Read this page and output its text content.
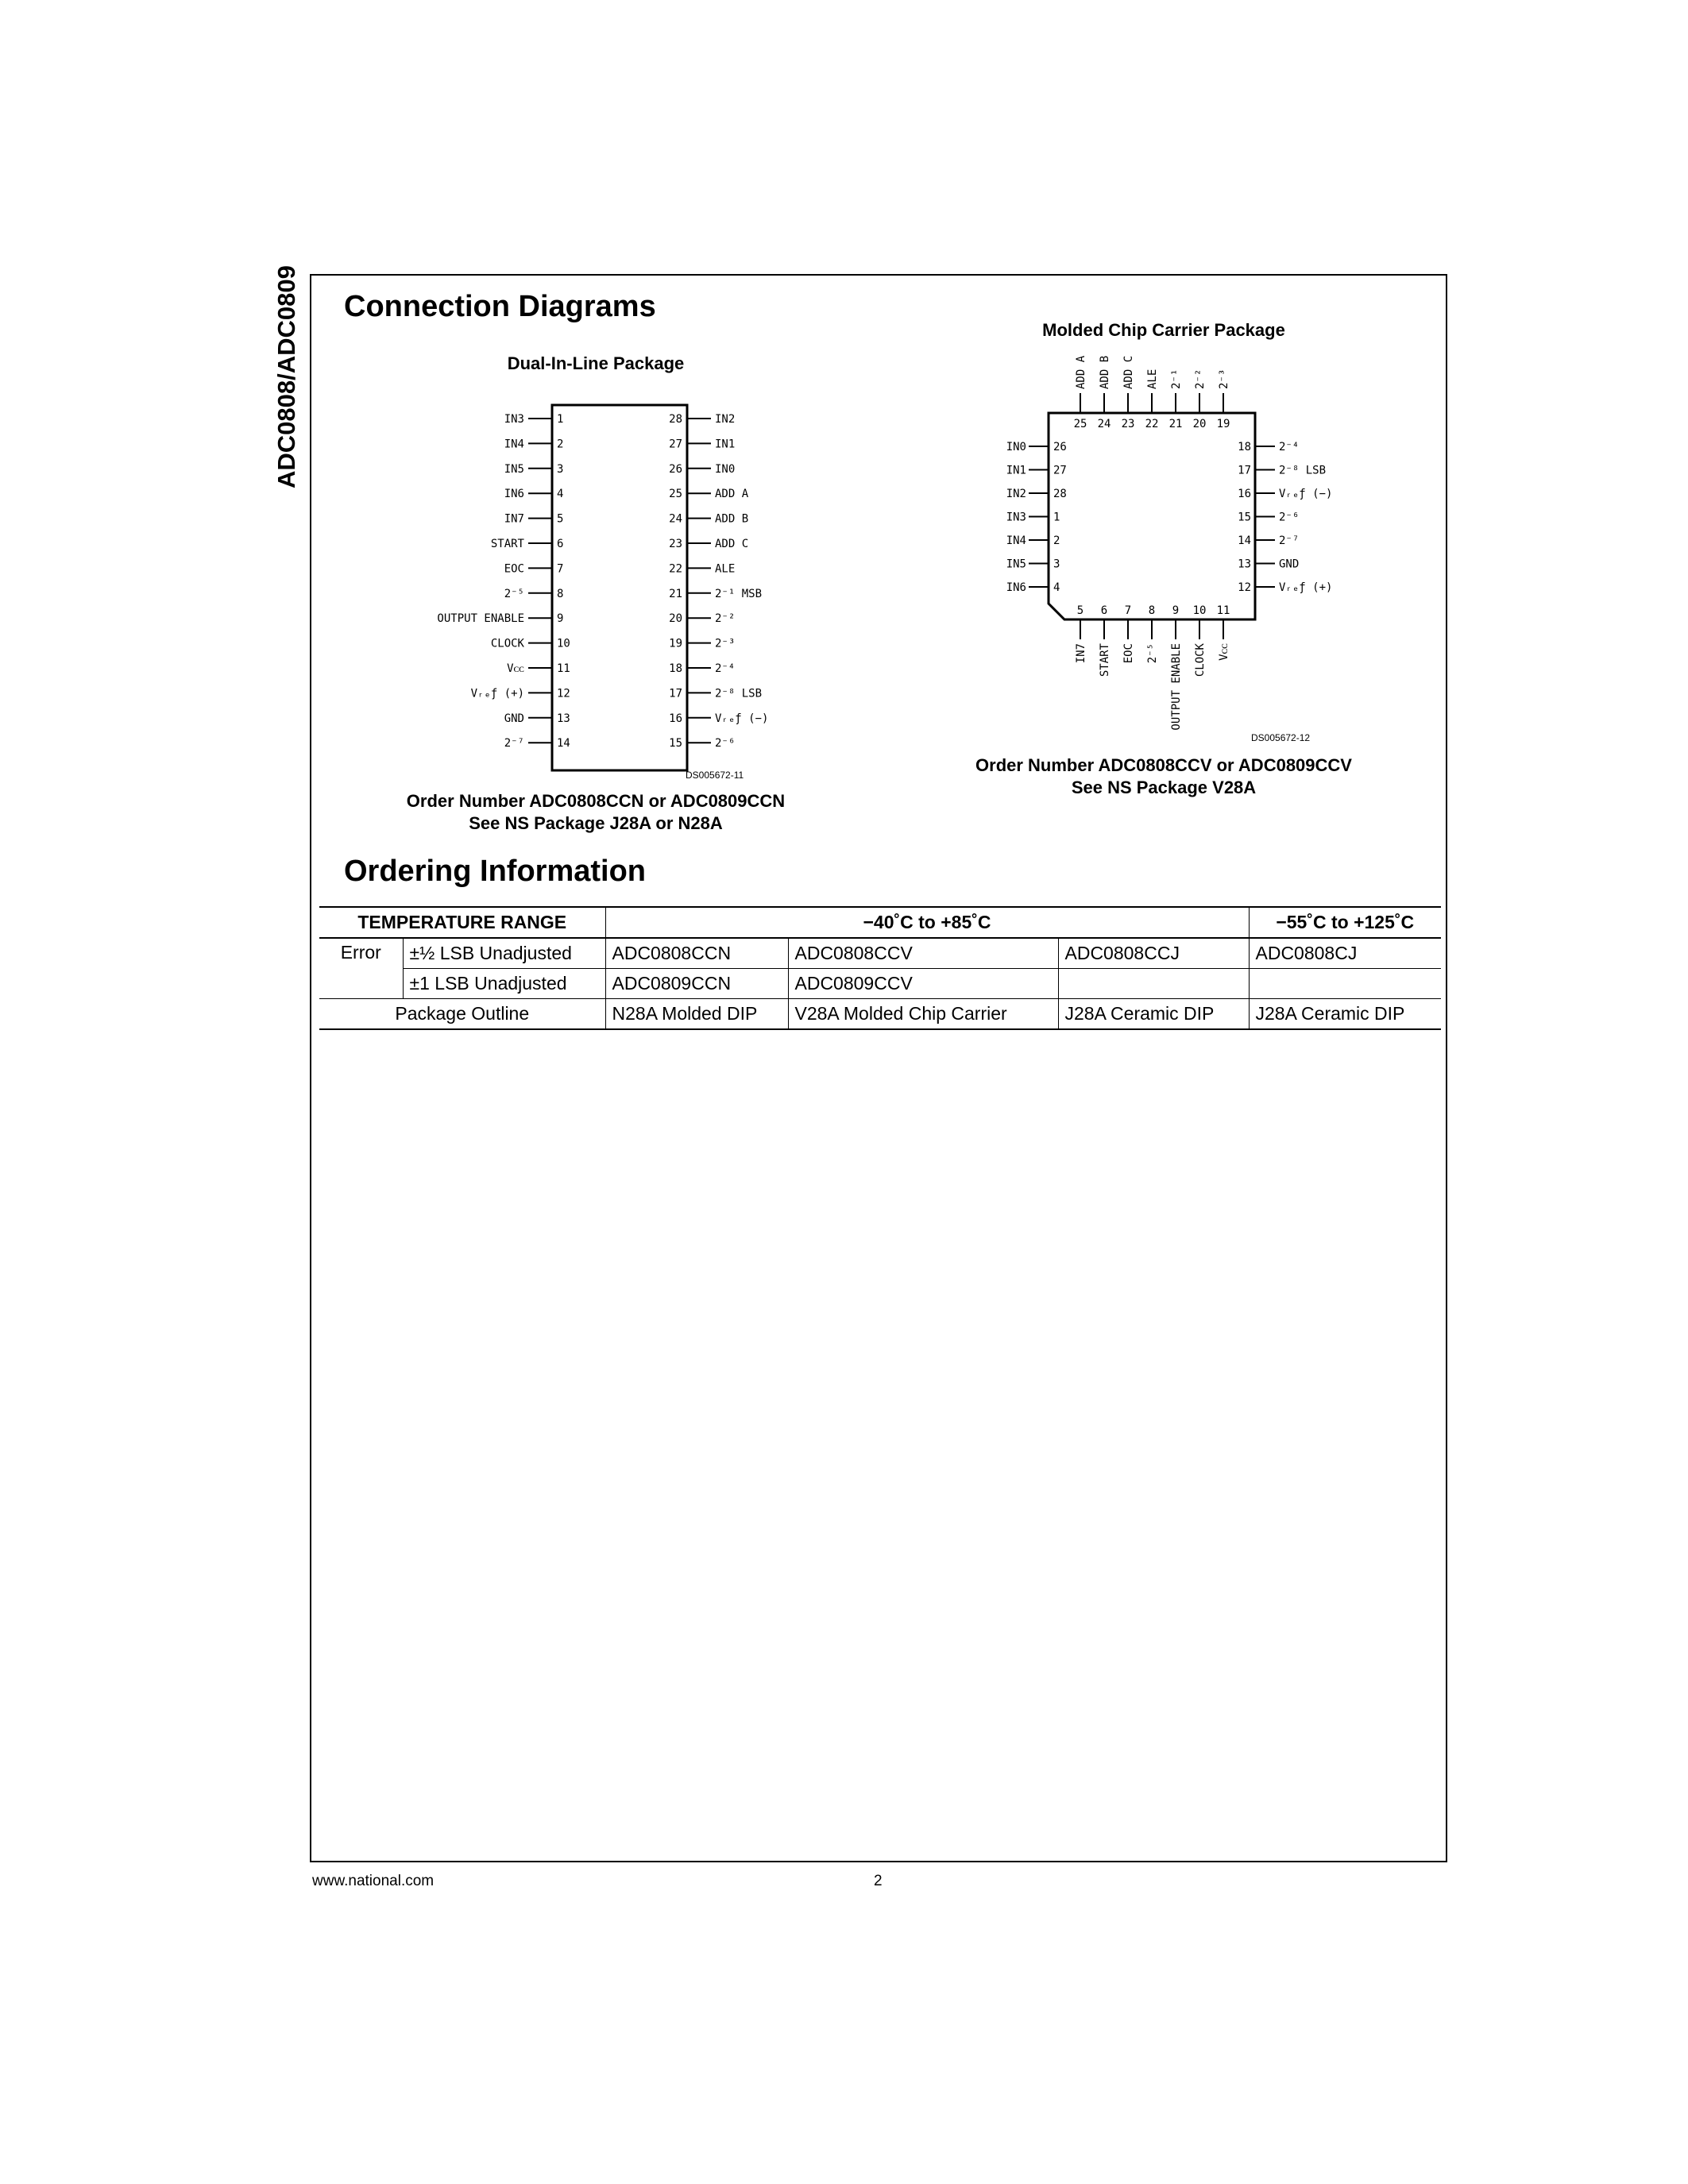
ADC0808/ADC0809 Connection Diagrams
Dual-In-Line Package
IN3	1
IN4	2
IN5	3
IN6	4
IN7	5
START	6
EOC	7
2⁻⁵	8
OUTPUT ENABLE	9
CLOCK	10
Vᴄᴄ	11
Vᵣₑƒ (+)	12
GND	13
2⁻⁷	14
IN2
28
IN1
27
IN0
26
ADD A
25
ADD B
24
ADD C
23
ALE
22
2⁻¹ MSB
21
2⁻²
20
2⁻³
19
2⁻⁴
18
2⁻⁸ LSB
17
Vᵣₑƒ (−)
16
2⁻⁶
15
DS005672-11
Order Number ADC0808CCN or ADC0809CCN
See NS Package J28A or N28A
Molded Chip Carrier Package
ADD A
25
ADD B
24
ADD C
23
ALE
22
2⁻¹
21
2⁻²
20
2⁻³
19
IN7
5
START
6
EOC
7
2⁻⁵
8
OUTPUT ENABLE
9
CLOCK
10
Vᴄᴄ
11
IN0 26
IN1 27
IN2 28
IN3 1
IN4 2
IN5 3
IN6 4
2⁻⁴
18
2⁻⁸ LSB
17
Vᵣₑƒ (−)
16
2⁻⁶
15
2⁻⁷
14
GND
13
Vᵣₑƒ (+)
12
DS005672-12
Order Number ADC0808CCV or ADC0809CCV
See NS Package V28A
Ordering Information
TEMPERATURE RANGE		−40˚C to +85˚C			−55˚C to +125˚C
Error	±½ LSB Unadjusted	ADC0808CCN	ADC0808CCV	ADC0808CCJ	ADC0808CJ
	±1 LSB Unadjusted	ADC0809CCN	ADC0809CCV		
Package Outline		N28A Molded DIP	V28A Molded Chip Carrier	J28A Ceramic DIP	J28A Ceramic DIP
www.national.com	2
